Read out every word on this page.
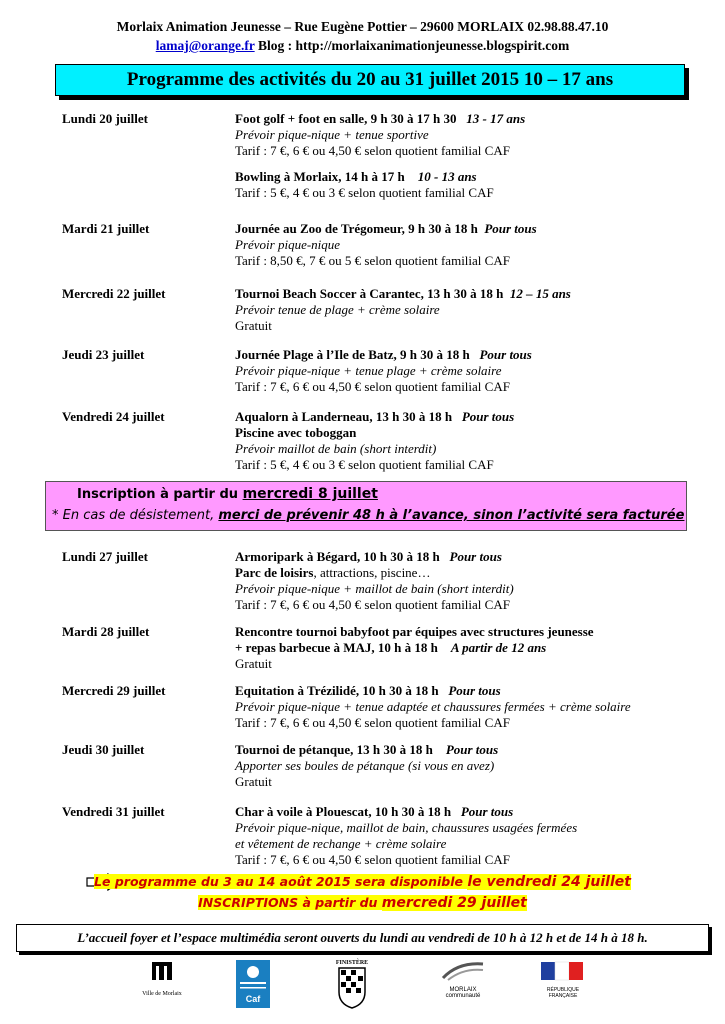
Morlaix Animation Jeunesse – Rue Eugène Pottier – 29600 MORLAIX 02.98.88.47.10
lamaj@orange.fr Blog : http://morlaixanimationjeunesse.blogspirit.com
Programme des activités du 20 au 31 juillet 2015 10 – 17 ans
Lundi 20 juillet	Foot golf + foot en salle, 9 h 30 à 17 h 30 13 - 17 ans
Prévoir pique-nique + tenue sportive
Tarif : 7 €, 6 € ou 4,50 € selon quotient familial CAF
Bowling à Morlaix, 14 h à 17 h 10 - 13 ans
Tarif : 5 €, 4 € ou 3 € selon quotient familial CAF
Mardi 21 juillet	Journée au Zoo de Trégomeur, 9 h 30 à 18 h Pour tous
Prévoir pique-nique
Tarif : 8,50 €, 7 € ou 5 € selon quotient familial CAF
Mercredi 22 juillet	Tournoi Beach Soccer à Carantec, 13 h 30 à 18 h 12 – 15 ans
Prévoir tenue de plage + crème solaire
Gratuit
Jeudi 23 juillet	Journée Plage à l’Ile de Batz, 9 h 30 à 18 h Pour tous
Prévoir pique-nique + tenue plage + crème solaire
Tarif : 7 €, 6 € ou 4,50 € selon quotient familial CAF
Vendredi 24 juillet	Aqualorn à Landerneau, 13 h 30 à 18 h Pour tous
Piscine avec toboggan
Prévoir maillot de bain (short interdit)
Tarif : 5 €, 4 € ou 3 € selon quotient familial CAF
Inscription à partir du mercredi 8 juillet
* En cas de désistement, merci de prévenir 48 h à l’avance, sinon l’activité sera facturée
Lundi 27 juillet	Armoripark à Bégard, 10 h 30 à 18 h Pour tous
Parc de loisirs, attractions, piscine…
Prévoir pique-nique + maillot de bain (short interdit)
Tarif : 7 €, 6 € ou 4,50 € selon quotient familial CAF
Mardi 28 juillet	Rencontre tournoi babyfoot par équipes avec structures jeunesse
+ repas barbecue à MAJ, 10 h à 18 h A partir de 12 ans
Gratuit
Mercredi 29 juillet	Equitation à Trézilidé, 10 h 30 à 18 h Pour tous
Prévoir pique-nique + tenue adaptée et chaussures fermées + crème solaire
Tarif : 7 €, 6 € ou 4,50 € selon quotient familial CAF
Jeudi 30 juillet	Tournoi de pétanque, 13 h 30 à 18 h Pour tous
Apporter ses boules de pétanque (si vous en avez)
Gratuit
Vendredi 31 juillet	Char à voile à Plouescat, 10 h 30 à 18 h Pour tous
Prévoir pique-nique, maillot de bain, chaussures usagées fermées
et vêtement de rechange + crème solaire
Tarif : 7 €, 6 € ou 4,50 € selon quotient familial CAF
Le programme du 3 au 14 août 2015 sera disponible le vendredi 24 juillet
INSCRIPTIONS à partir du mercredi 29 juillet
L’accueil foyer et l’espace multimédia seront ouverts du lundi au vendredi de 10 h à 12 h et de 14 h à 18 h.
Ville de Morlaix	Caf
FINISTÈRE
MORLAIX communauté
RÉPUBLIQUE FRANÇAISE
